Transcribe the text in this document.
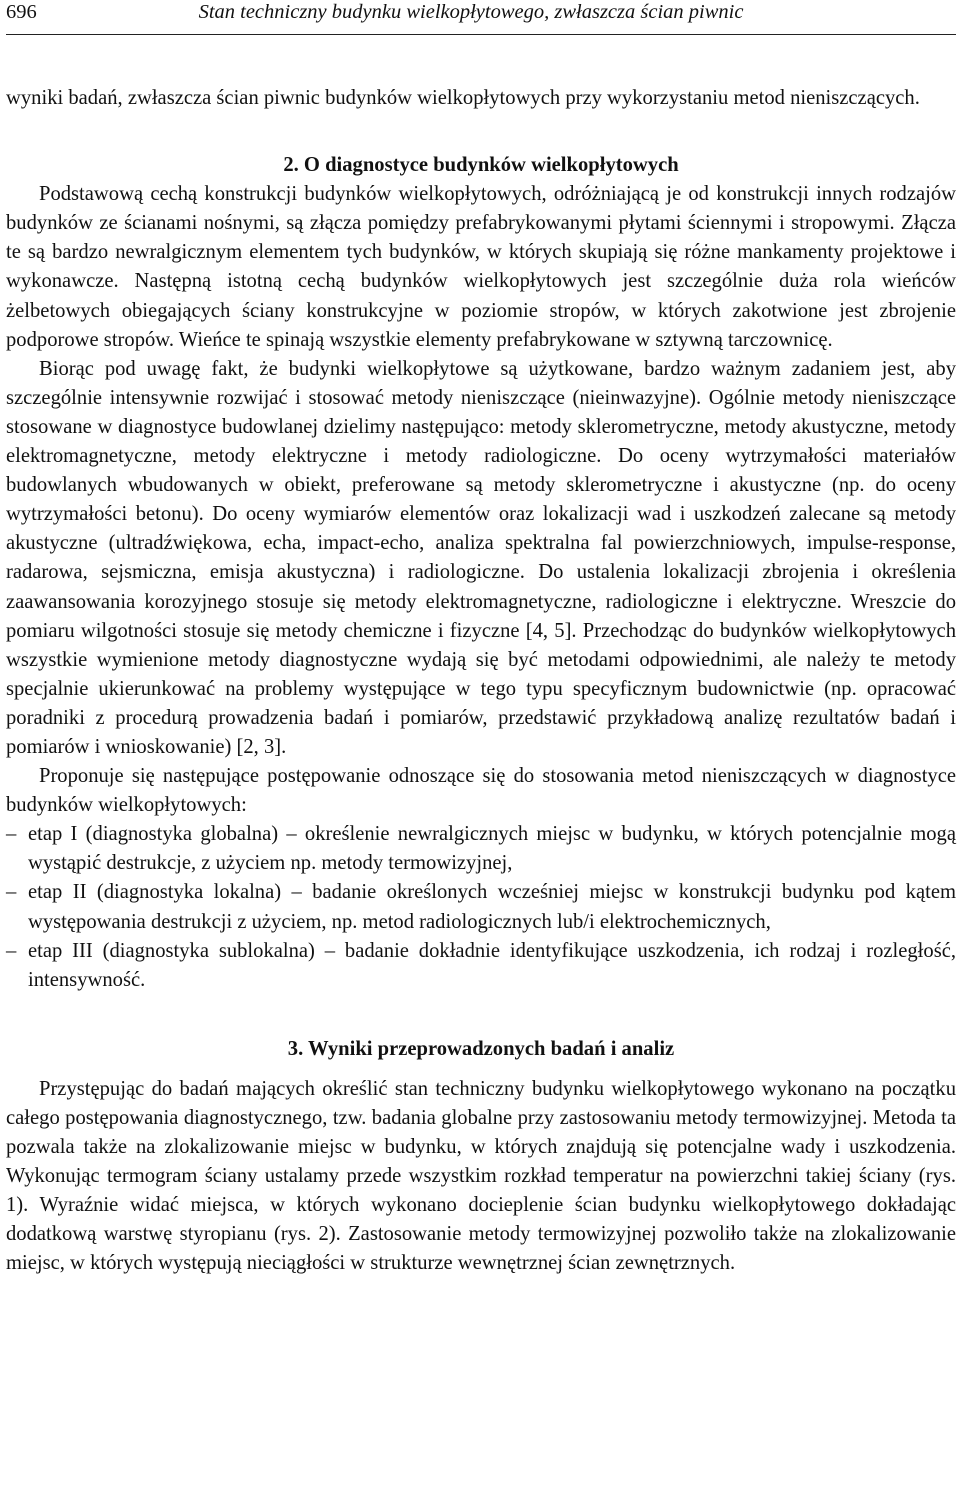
696	Stan techniczny budynku wielkopłytowego, zwłaszcza ścian piwnic

wyniki badań, zwłaszcza ścian piwnic budynków wielkopłytowych przy wykorzystaniu metod nieniszczących.

2. O diagnostyce budynków wielkopłytowych

Podstawową cechą konstrukcji budynków wielkopłytowych, odróżniającą je od konstrukcji innych rodzajów budynków ze ścianami nośnymi, są złącza pomiędzy prefabrykowanymi płytami ściennymi i stropowymi. Złącza te są bardzo newralgicznym elementem tych budynków, w których skupiają się różne mankamenty projektowe i wykonawcze. Następną istotną cechą budynków wielkopłytowych jest szczególnie duża rola wieńców żelbetowych obiegających ściany konstrukcyjne w poziomie stropów, w których zakotwione jest zbrojenie podporowe stropów. Wieńce te spinają wszystkie elementy prefabrykowane w sztywną tarczownicę.

Biorąc pod uwagę fakt, że budynki wielkopłytowe są użytkowane, bardzo ważnym zadaniem jest, aby szczególnie intensywnie rozwijać i stosować metody nieniszczące (nieinwazyjne). Ogólnie metody nieniszczące stosowane w diagnostyce budowlanej dzielimy następująco: metody sklerometryczne, metody akustyczne, metody elektromagnetyczne, metody elektryczne i metody radiologiczne. Do oceny wytrzymałości materiałów budowlanych wbudowanych w obiekt, preferowane są metody sklerometryczne i akustyczne (np. do oceny wytrzymałości betonu). Do oceny wymiarów elementów oraz lokalizacji wad i uszkodzeń zalecane są metody akustyczne (ultradźwiękowa, echa, impact-echo, analiza spektralna fal powierzchniowych, impulse-response, radarowa, sejsmiczna, emisja akustyczna) i radiologiczne. Do ustalenia lokalizacji zbrojenia i określenia zaawansowania korozyjnego stosuje się metody elektromagnetyczne, radiologiczne i elektryczne. Wreszcie do pomiaru wilgotności stosuje się metody chemiczne i fizyczne [4, 5]. Przechodząc do budynków wielkopłytowych wszystkie wymienione metody diagnostyczne wydają się być metodami odpowiednimi, ale należy te metody specjalnie ukierunkować na problemy występujące w tego typu specyficznym budownictwie (np. opracować poradniki z procedurą prowadzenia badań i pomiarów, przedstawić przykładową analizę rezultatów badań i pomiarów i wnioskowanie) [2, 3].

Proponuje się następujące postępowanie odnoszące się do stosowania metod nieniszczących w diagnostyce budynków wielkopłytowych:

– etap I (diagnostyka globalna) – określenie newralgicznych miejsc w budynku, w których potencjalnie mogą wystąpić destrukcje, z użyciem np. metody termowizyjnej,
– etap II (diagnostyka lokalna) – badanie określonych wcześniej miejsc w konstrukcji budynku pod kątem występowania destrukcji z użyciem, np. metod radiologicznych lub/i elektrochemicznych,
– etap III (diagnostyka sublokalna) – badanie dokładnie identyfikujące uszkodzenia, ich rodzaj i rozległość, intensywność.
3. Wyniki przeprowadzonych badań i analiz

Przystępując do badań mających określić stan techniczny budynku wielkopłytowego wykonano na początku całego postępowania diagnostycznego, tzw. badania globalne przy zastosowaniu metody termowizyjnej. Metoda ta pozwala także na zlokalizowanie miejsc w budynku, w których znajdują się potencjalne wady i uszkodzenia. Wykonując termogram ściany ustalamy przede wszystkim rozkład temperatur na powierzchni takiej ściany (rys. 1). Wyraźnie widać miejsca, w których wykonano docieplenie ścian budynku wielkopłytowego dokładając dodatkową warstwę styropianu (rys. 2). Zastosowanie metody termowizyjnej pozwoliło także na zlokalizowanie miejsc, w których występują nieciągłości w strukturze wewnętrznej ścian zewnętrznych.
